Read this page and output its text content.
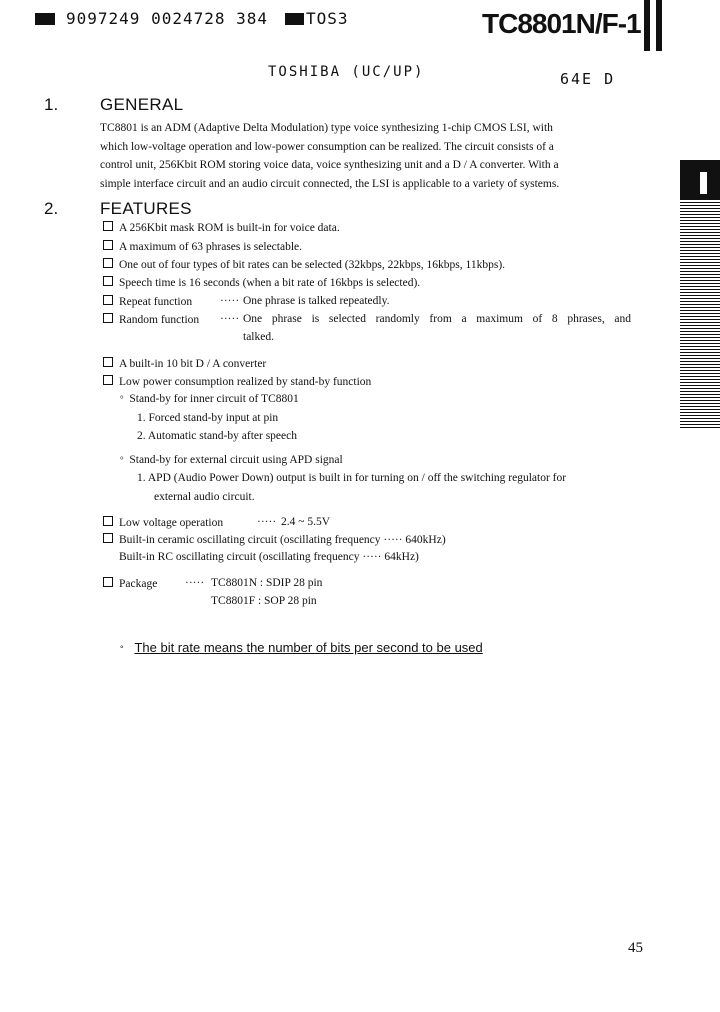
9097249 0024728 384 TOS3	TC8801N/F-1
TOSHIBA (UC/UP)	64E D
1. GENERAL
TC8801 is an ADM (Adaptive Delta Modulation) type voice synthesizing 1-chip CMOS LSI, with
which low-voltage operation and low-power consumption can be realized. The circuit consists of a
control unit, 256Kbit ROM storing voice data, voice synthesizing unit and a D / A converter. With a
simple interface circuit and an audio circuit connected, the LSI is applicable to a variety of systems.
2. FEATURES
A 256Kbit mask ROM is built-in for voice data.
A maximum of 63 phrases is selectable.
One out of four types of bit rates can be selected (32kbps, 22kbps, 16kbps, 11kbps).
Speech time is 16 seconds (when a bit rate of 16kbps is selected).
Repeat function ····· One phrase is talked repeatedly.
Random function ····· One phrase is selected randomly from a maximum of 8 phrases, and
talked.
A built-in 10 bit D / A converter
Low power consumption realized by stand-by function
° Stand-by for inner circuit of TC8801
1. Forced stand-by input at pin
2. Automatic stand-by after speech
° Stand-by for external circuit using APD signal
1. APD (Audio Power Down) output is built in for turning on / off the switching regulator for
external audio circuit.
Low voltage operation	····· 2.4 ~ 5.5V
Built-in ceramic oscillating circuit (oscillating frequency ····· 640kHz)
Built-in RC oscillating circuit (oscillating frequency ····· 64kHz)
Package ····· TC8801N : SDIP 28 pin
TC8801F : SOP 28 pin
° The bit rate means the number of bits per second to be used
45
